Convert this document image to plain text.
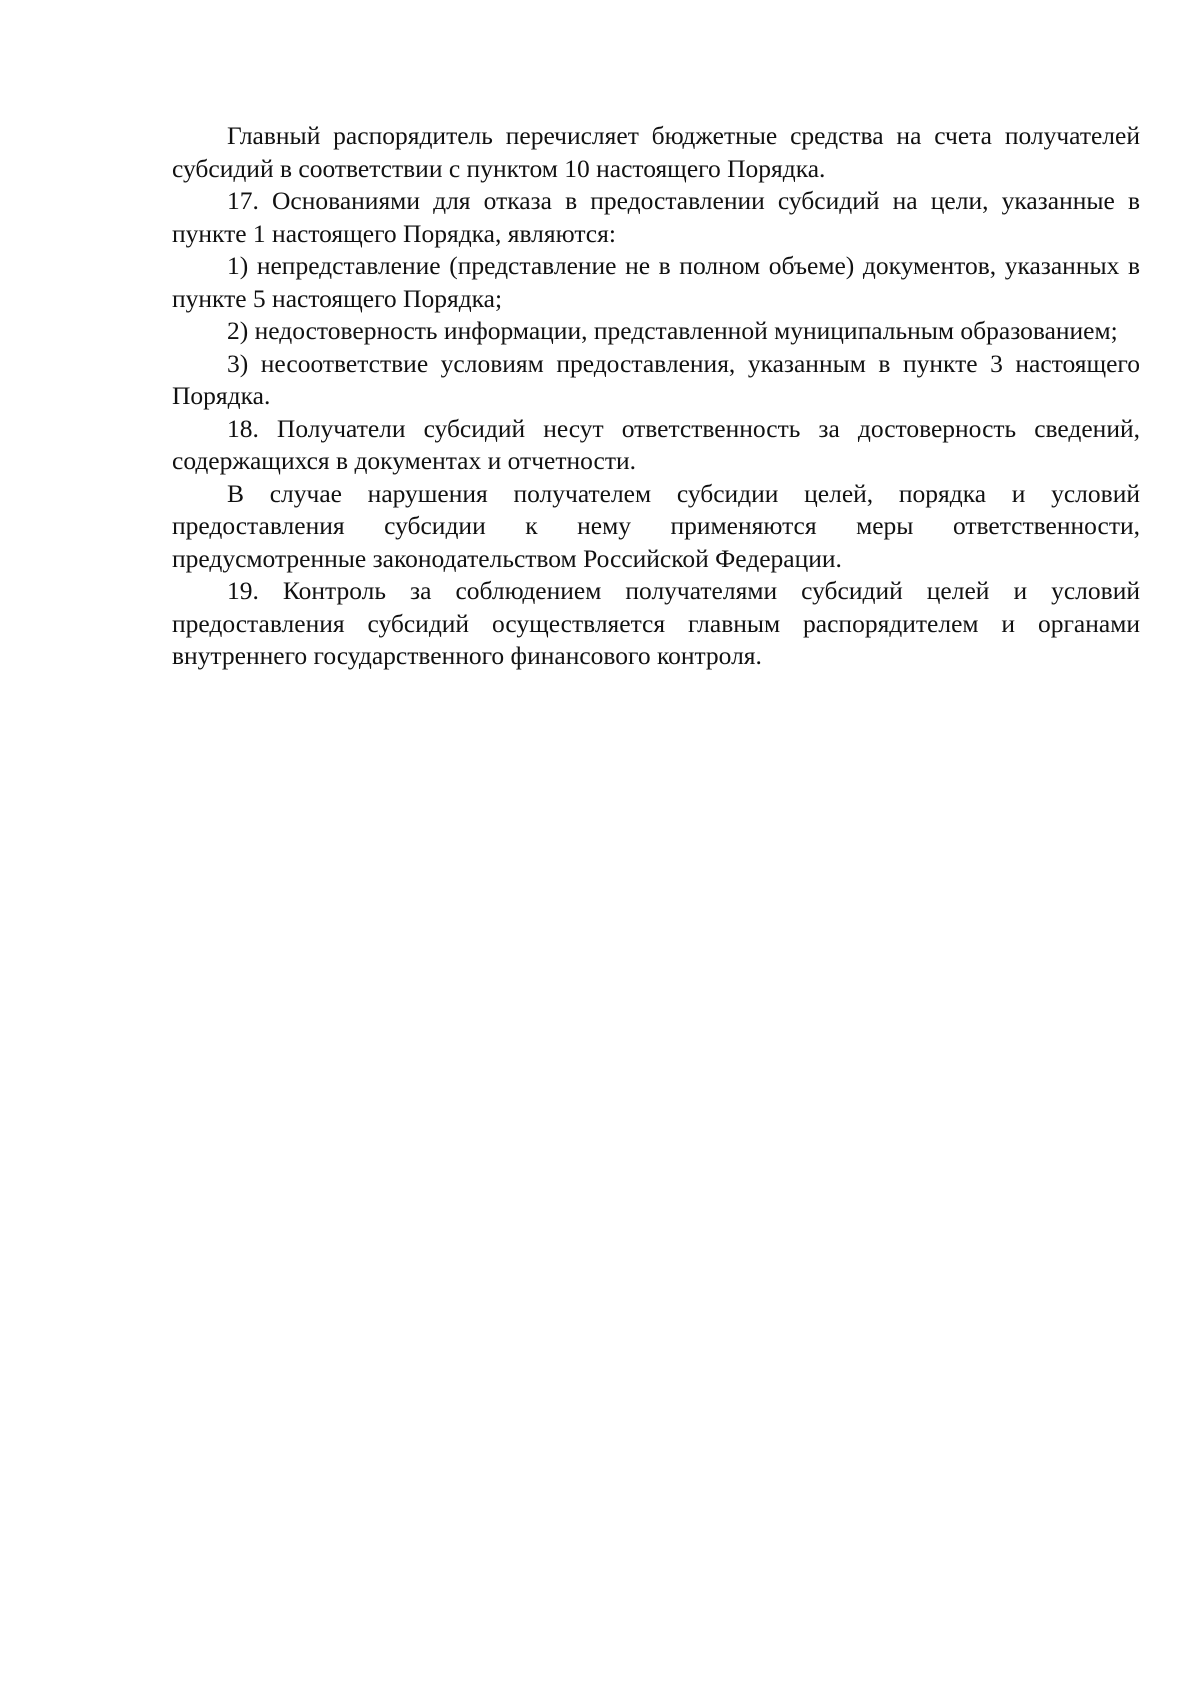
Главный распорядитель перечисляет бюджетные средства на счета получателей субсидий в соответствии с пунктом 10 настоящего Порядка.

17. Основаниями для отказа в предоставлении субсидий на цели, указанные в пункте 1 настоящего Порядка, являются:

1) непредставление (представление не в полном объеме) документов, указанных в пункте 5 настоящего Порядка;

2) недостоверность информации, представленной муниципальным образованием;

3) несоответствие условиям предоставления, указанным в пункте 3 настоящего Порядка.

18. Получатели субсидий несут ответственность за достоверность сведений, содержащихся в документах и отчетности.

В случае нарушения получателем субсидии целей, порядка и условий предоставления субсидии к нему применяются меры ответственности, предусмотренные законодательством Российской Федерации.

19. Контроль за соблюдением получателями субсидий целей и условий предоставления субсидий осуществляется главным распорядителем и органами внутреннего государственного финансового контроля.
